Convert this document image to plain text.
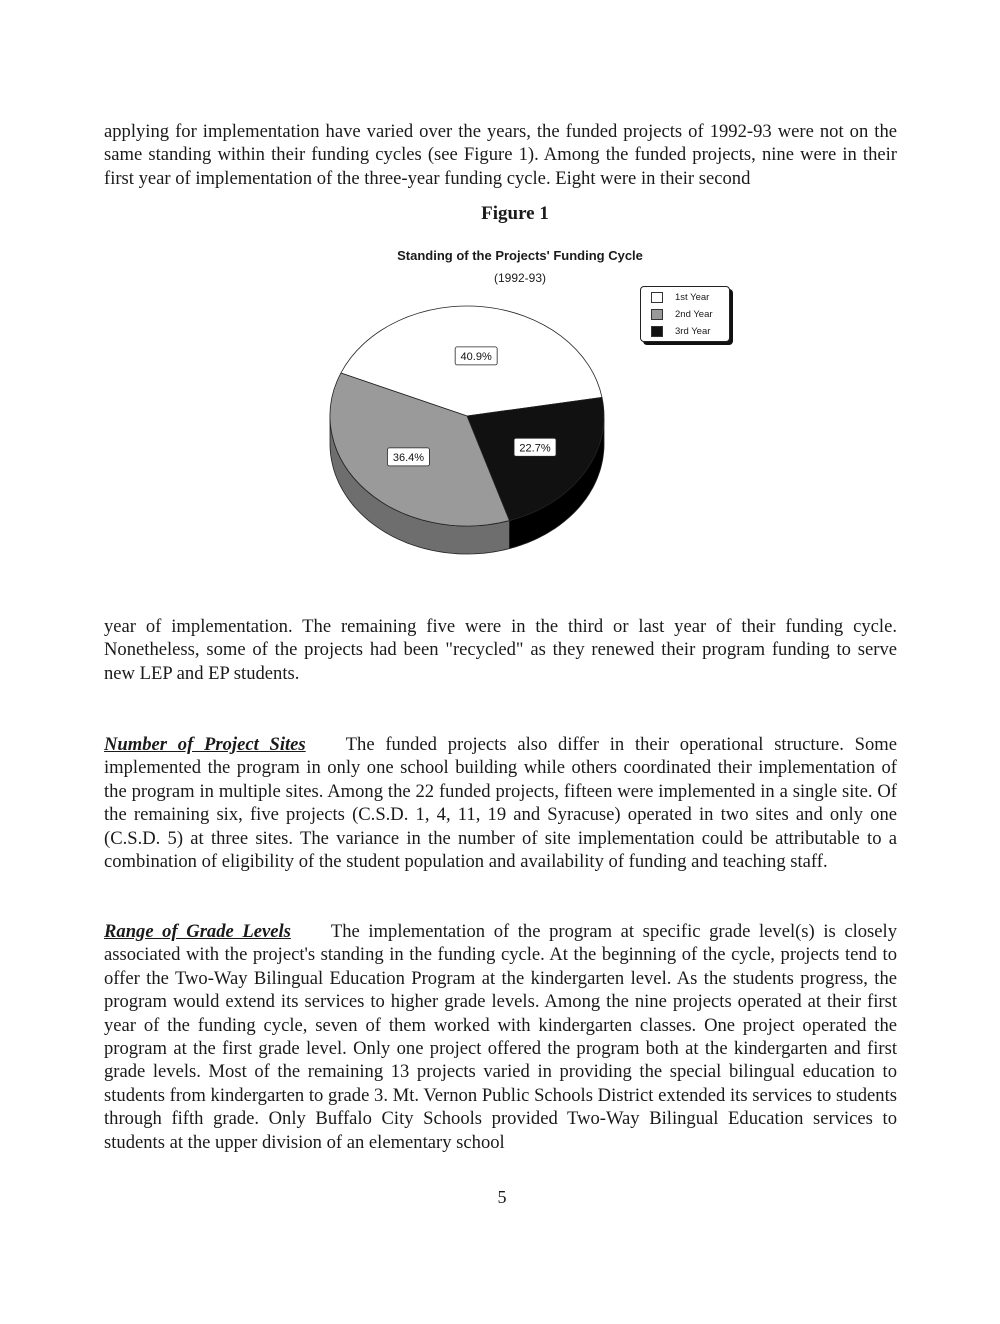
applying for implementation have varied over the years, the funded projects of 1992-93 were not on the same standing within their funding cycles (see Figure 1). Among the funded projects, nine were in their first year of implementation of the three-year funding cycle. Eight were in their second

Figure 1
Standing of the Projects' Funding Cycle
(1992-93)
40.9%
22.7%
36.4%
1st Year
2nd Year
3rd Year

year of implementation. The remaining five were in the third or last year of their funding cycle. Nonetheless, some of the projects had been "recycled" as they renewed their program funding to serve new LEP and EP students.

Number of Project Sites The funded projects also differ in their operational structure. Some implemented the program in only one school building while others coordinated their implementation of the program in multiple sites. Among the 22 funded projects, fifteen were implemented in a single site. Of the remaining six, five projects (C.S.D. 1, 4, 11, 19 and Syracuse) operated in two sites and only one (C.S.D. 5) at three sites. The variance in the number of site implementation could be attributable to a combination of eligibility of the student population and availability of funding and teaching staff.

Range of Grade Levels The implementation of the program at specific grade level(s) is closely associated with the project's standing in the funding cycle. At the beginning of the cycle, projects tend to offer the Two-Way Bilingual Education Program at the kindergarten level. As the students progress, the program would extend its services to higher grade levels. Among the nine projects operated at their first year of the funding cycle, seven of them worked with kindergarten classes. One project operated the program at the first grade level. Only one project offered the program both at the kindergarten and first grade levels. Most of the remaining 13 projects varied in providing the special bilingual education to students from kindergarten to grade 3. Mt. Vernon Public Schools District extended its services to students through fifth grade. Only Buffalo City Schools provided Two-Way Bilingual Education services to students at the upper division of an elementary school

5
